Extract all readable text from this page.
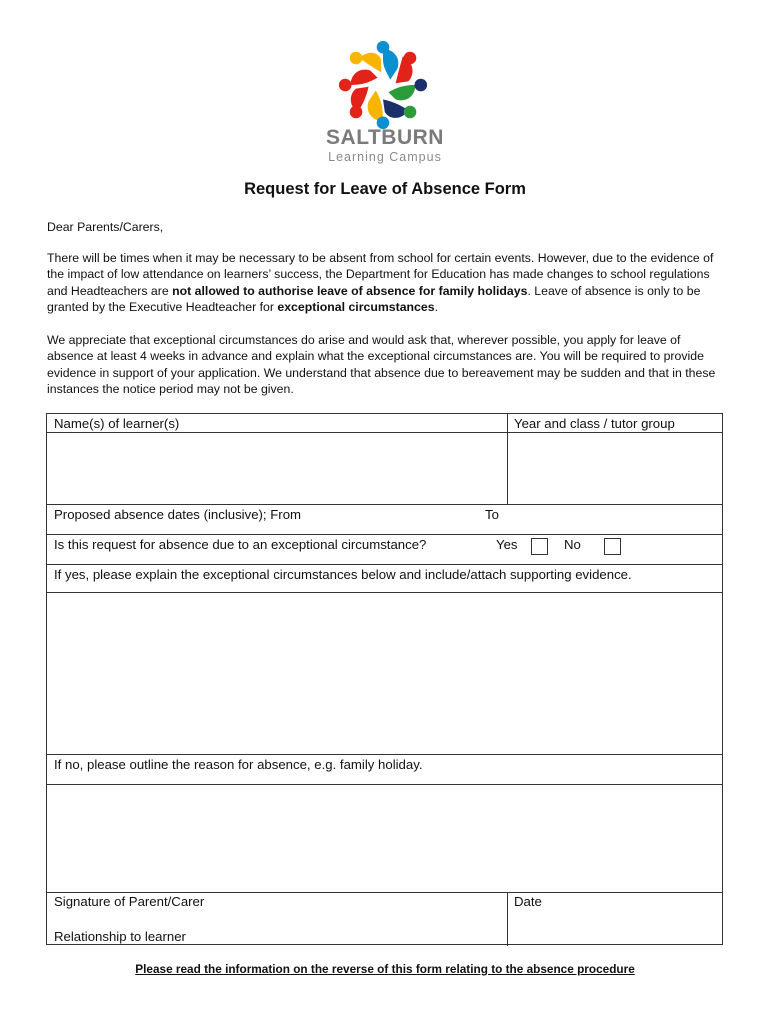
SALTBURN
Learning Campus
Request for Leave of Absence Form

Dear Parents/Carers,

There will be times when it may be necessary to be absent from school for certain events. However, due to the evidence of the impact of low attendance on learners’ success, the Department for Education has made changes to school regulations and Headteachers are not allowed to authorise leave of absence for family holidays. Leave of absence is only to be granted by the Executive Headteacher for exceptional circumstances.

We appreciate that exceptional circumstances do arise and would ask that, wherever possible, you apply for leave of absence at least 4 weeks in advance and explain what the exceptional circumstances are. You will be required to provide evidence in support of your application. We understand that absence due to bereavement may be sudden and that in these instances the notice period may not be given.

Name(s) of learner(s)	Year and class / tutor group
Proposed absence dates (inclusive); From	To
Is this request for absence due to an exceptional circumstance?	Yes	No
If yes, please explain the exceptional circumstances below and include/attach supporting evidence.
If no, please outline the reason for absence, e.g. family holiday.
Signature of Parent/Carer	Date
Relationship to learner
Please read the information on the reverse of this form relating to the absence procedure
